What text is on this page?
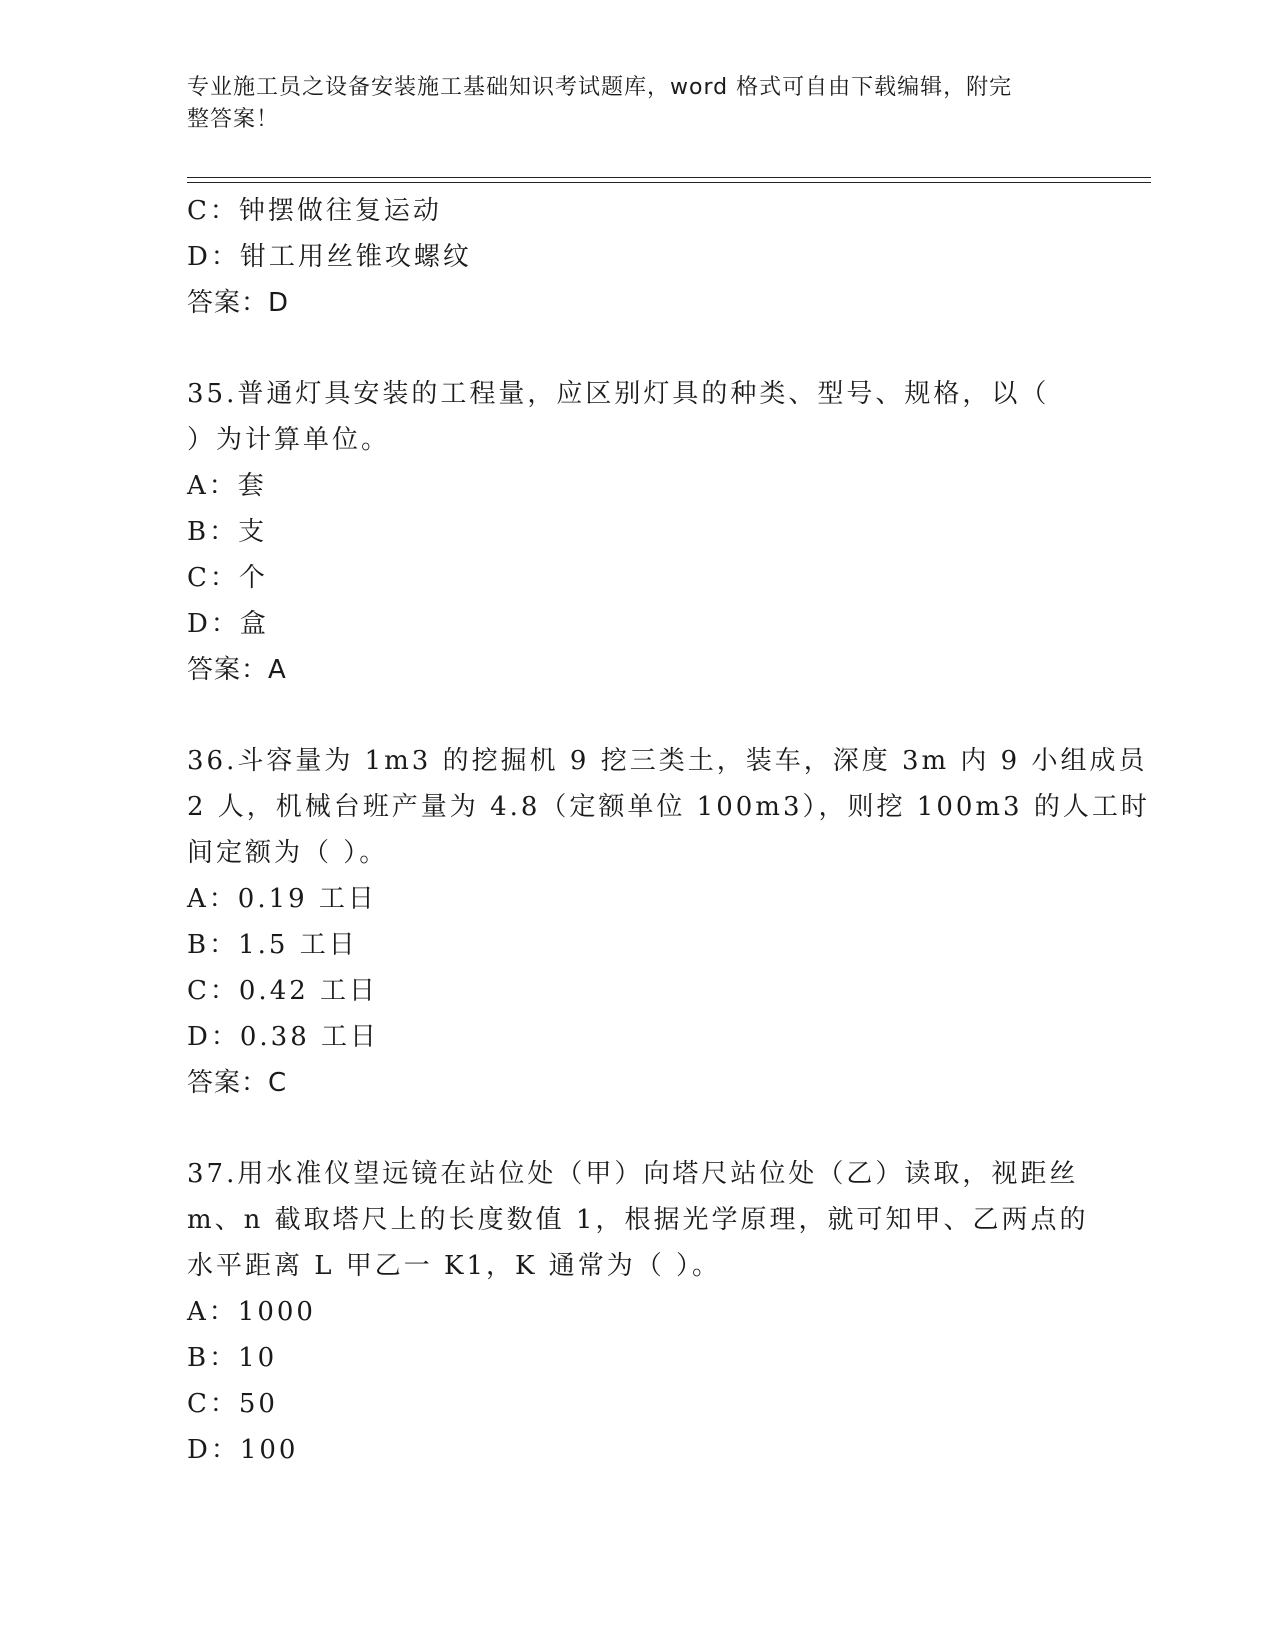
专业施工员之设备安装施工基础知识考试题库，word 格式可自由下载编辑，附完
整答案！
C：钟摆做往复运动
D：钳工用丝锥攻螺纹
答案：D
35.普通灯具安装的工程量，应区别灯具的种类、型号、规格，以（
）为计算单位。
A：套
B：支
C：个
D：盒
答案：A
36.斗容量为 1m3 的挖掘机 9 挖三类土，装车，深度 3m 内 9 小组成员
2 人，机械台班产量为 4.8（定额单位 100m3），则挖 100m3 的人工时
间定额为（ ）。
A：0.19 工日
B：1.5 工日
C：0.42 工日
D：0.38 工日
答案：C
37.用水准仪望远镜在站位处（甲）向塔尺站位处（乙）读取，视距丝
m、n 截取塔尺上的长度数值 1，根据光学原理，就可知甲、乙两点的
水平距离 L 甲乙一 K1，K 通常为（ ）。
A：1000
B：10
C：50
D：100
